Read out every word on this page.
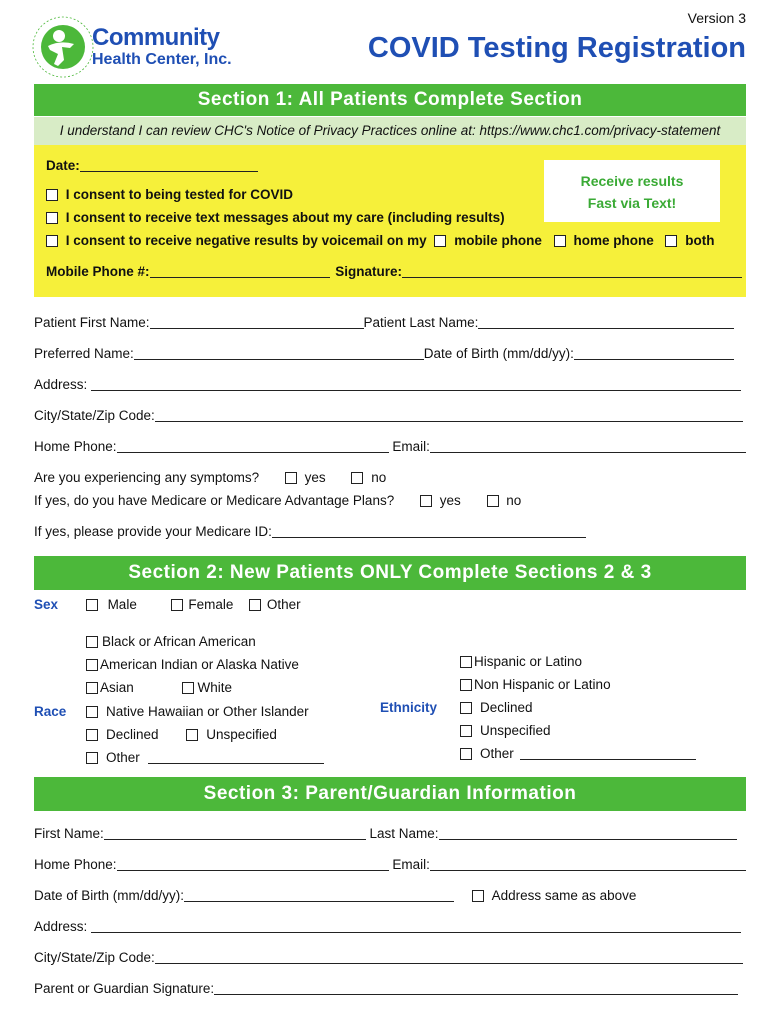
Community
Health Center, Inc.
Version 3
COVID Testing Registration
Section 1: All Patients Complete Section
I understand I can review CHC's Notice of Privacy Practices online at: https://www.chc1.com/privacy-statement
Date:
Receive results
Fast via Text!
I consent to being tested for COVID
I consent to receive text messages about my care (including results)
I consent to receive negative results by voicemail on my mobile phone home phone both
Mobile Phone #:	Signature:
Patient First Name:	Patient Last Name:
Preferred Name:	Date of Birth (mm/dd/yy):
Address:
City/State/Zip Code:
Home Phone:	Email:
Are you experiencing any symptoms?	yes	no
If yes, do you have Medicare or Medicare Advantage Plans?	yes	no
If yes, please provide your Medicare ID:
Section 2: New Patients ONLY Complete Sections 2 & 3
Sex	Male	Female Other
Black or African American
American Indian or Alaska Native
Asian	White
Race	Native Hawaiian or Other Islander
Declined	Unspecified
Other
Hispanic or Latino
Non Hispanic or Latino
Ethnicity	Declined
Unspecified
Other
Section 3: Parent/Guardian Information
First Name:	Last Name:
Home Phone:	Email:
Date of Birth (mm/dd/yy):	Address same as above
Address:
City/State/Zip Code:
Parent or Guardian Signature:
